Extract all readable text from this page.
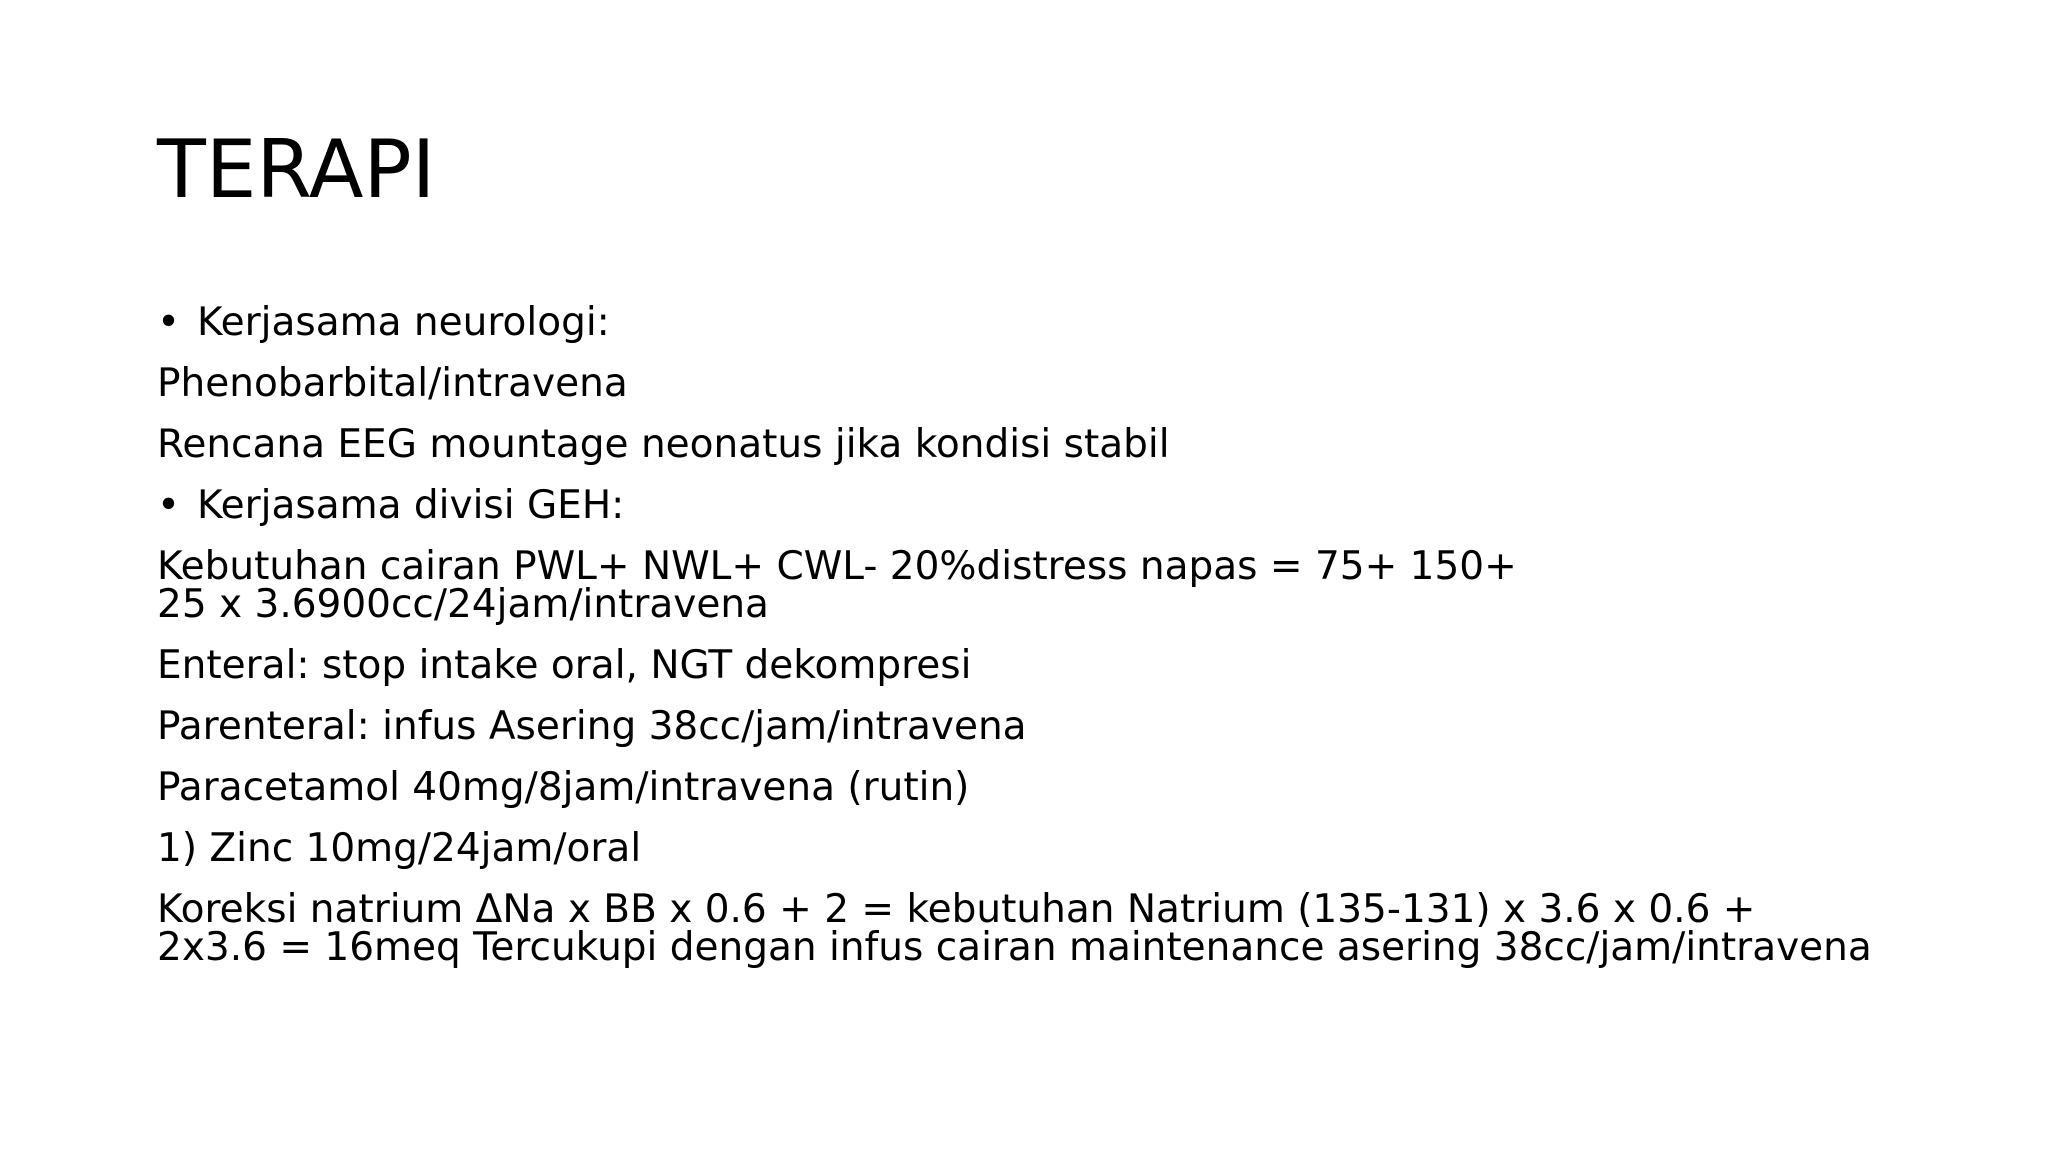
TERAPI
• Kerjasama neurologi:
Phenobarbital/intravena
Rencana EEG mountage neonatus jika kondisi stabil
• Kerjasama divisi GEH:
Kebutuhan cairan PWL+ NWL+ CWL- 20%distress napas = 75+ 150+ 25 x 3.6900cc/24jam/intravena
Enteral: stop intake oral, NGT dekompresi
Parenteral: infus Asering 38cc/jam/intravena
Paracetamol 40mg/8jam/intravena (rutin)
1) Zinc 10mg/24jam/oral
Koreksi natrium ΔNa x BB x 0.6 + 2 = kebutuhan Natrium (135-131) x 3.6 x 0.6 + 2x3.6 = 16meq Tercukupi dengan infus cairan maintenance asering 38cc/jam/intravena
